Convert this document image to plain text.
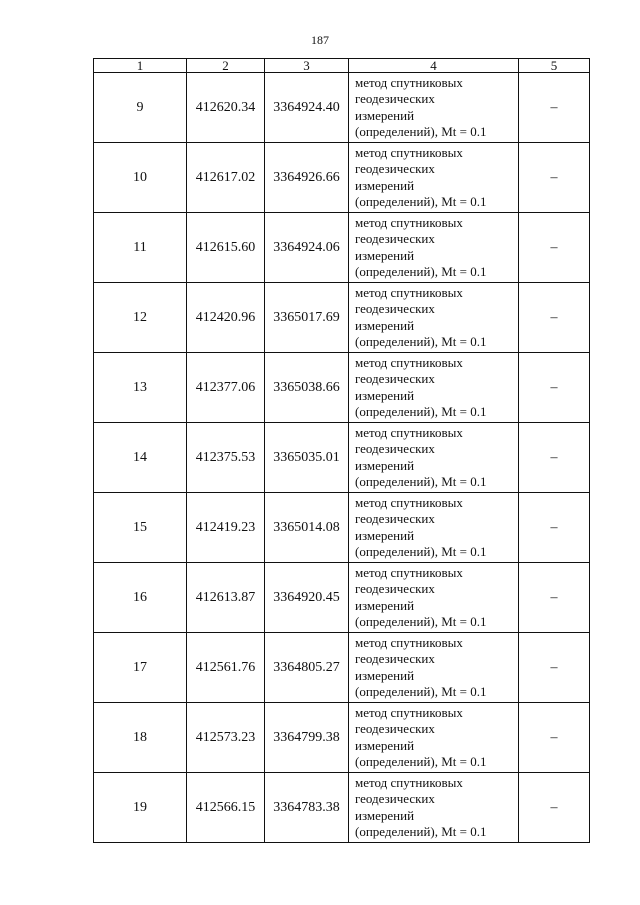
187
1	2	3	4	5
9	412620.34	3364924.40	метод спутниковых
геодезических
измерений
(определений), Mt = 0.1	–
10	412617.02	3364926.66	метод спутниковых
геодезических
измерений
(определений), Mt = 0.1	–
11	412615.60	3364924.06	метод спутниковых
геодезических
измерений
(определений), Mt = 0.1	–
12	412420.96	3365017.69	метод спутниковых
геодезических
измерений
(определений), Mt = 0.1	–
13	412377.06	3365038.66	метод спутниковых
геодезических
измерений
(определений), Mt = 0.1	–
14	412375.53	3365035.01	метод спутниковых
геодезических
измерений
(определений), Mt = 0.1	–
15	412419.23	3365014.08	метод спутниковых
геодезических
измерений
(определений), Mt = 0.1	–
16	412613.87	3364920.45	метод спутниковых
геодезических
измерений
(определений), Mt = 0.1	–
17	412561.76	3364805.27	метод спутниковых
геодезических
измерений
(определений), Mt = 0.1	–
18	412573.23	3364799.38	метод спутниковых
геодезических
измерений
(определений), Mt = 0.1	–
19	412566.15	3364783.38	метод спутниковых
геодезических
измерений
(определений), Mt = 0.1	–
